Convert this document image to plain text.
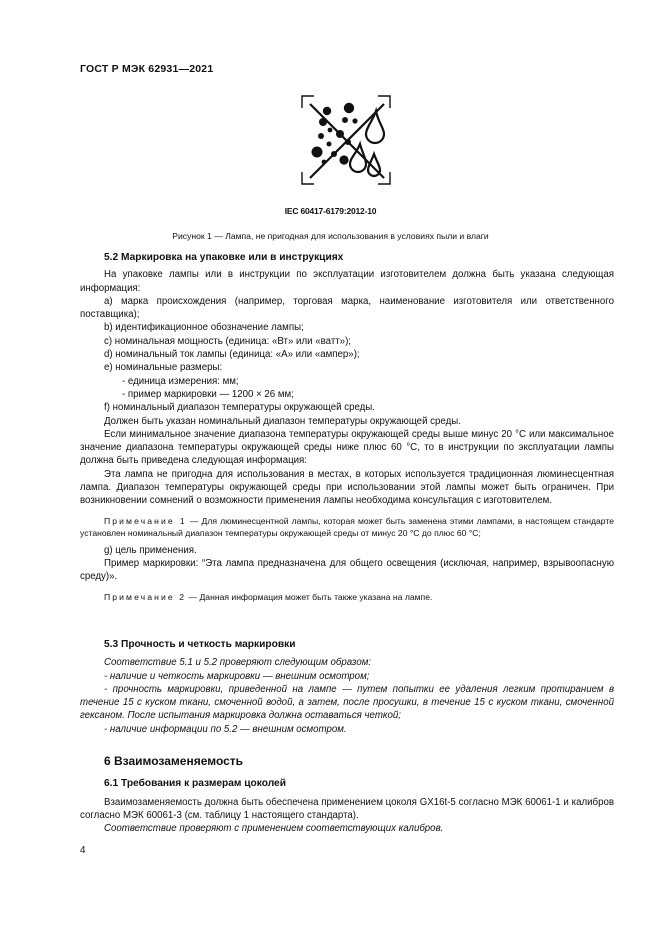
ГОСТ Р МЭК 62931—2021
IEC 60417-6179:2012-10
Рисунок 1 — Лампа, не пригодная для использования в условиях пыли и влаги

5.2 Маркировка на упаковке или в инструкциях

На упаковке лампы или в инструкции по эксплуатации изготовителем должна быть указана следующая информация:

a) марка происхождения (например, торговая марка, наименование изготовителя или ответственного поставщика);

b) идентификационное обозначение лампы;

c) номинальная мощность (единица: «Вт» или «ватт»);

d) номинальный ток лампы (единица: «А» или «ампер»);

e) номинальные размеры:

- единица измерения: мм;

- пример маркировки — 1200 × 26 мм;

f) номинальный диапазон температуры окружающей среды.

Должен быть указан номинальный диапазон температуры окружающей среды.

Если минимальное значение диапазона температуры окружающей среды выше минус 20 °С или максимальное значение диапазона температуры окружающей среды ниже плюс 60 °С, то в инструкции по эксплуатации лампы должна быть приведена следующая информация:

Эта лампа не пригодна для использования в местах, в которых используется традиционная люминесцентная лампа. Диапазон температуры окружающей среды при использовании этой лампы может быть ограничен. При возникновении сомнений о возможности применения лампы необходима консультация с изготовителем.

Примечание 1 — Для люминесцентной лампы, которая может быть заменена этими лампами, в настоящем стандарте установлен номинальный диапазон температуры окружающей среды от минус 20 °С до плюс 60 °С;

g) цель применения.

Пример маркировки: “Эта лампа предназначена для общего освещения (исключая, например, взрывоопасную среду)».

Примечание 2 — Данная информация может быть также указана на лампе.

5.3 Прочность и четкость маркировки

Соответствие 5.1 и 5.2 проверяют следующим образом:

- наличие и четкость маркировки — внешним осмотром;

- прочность маркировки, приведенной на лампе — путем попытки ее удаления легким протиранием в течение 15 с куском ткани, смоченной водой, а затем, после просушки, в течение 15 с куском ткани, смоченной гексаном. После испытания маркировка должна оставаться четкой;

- наличие информации по 5.2 — внешним осмотром.

6 Взаимозаменяемость

6.1 Требования к размерам цоколей

Взаимозаменяемость должна быть обеспечена применением цоколя GX16t-5 согласно МЭК 60061-1 и калибров согласно МЭК 60061-3 (см. таблицу 1 настоящего стандарта).

Соответствие проверяют с применением соответствующих калибров.

4
